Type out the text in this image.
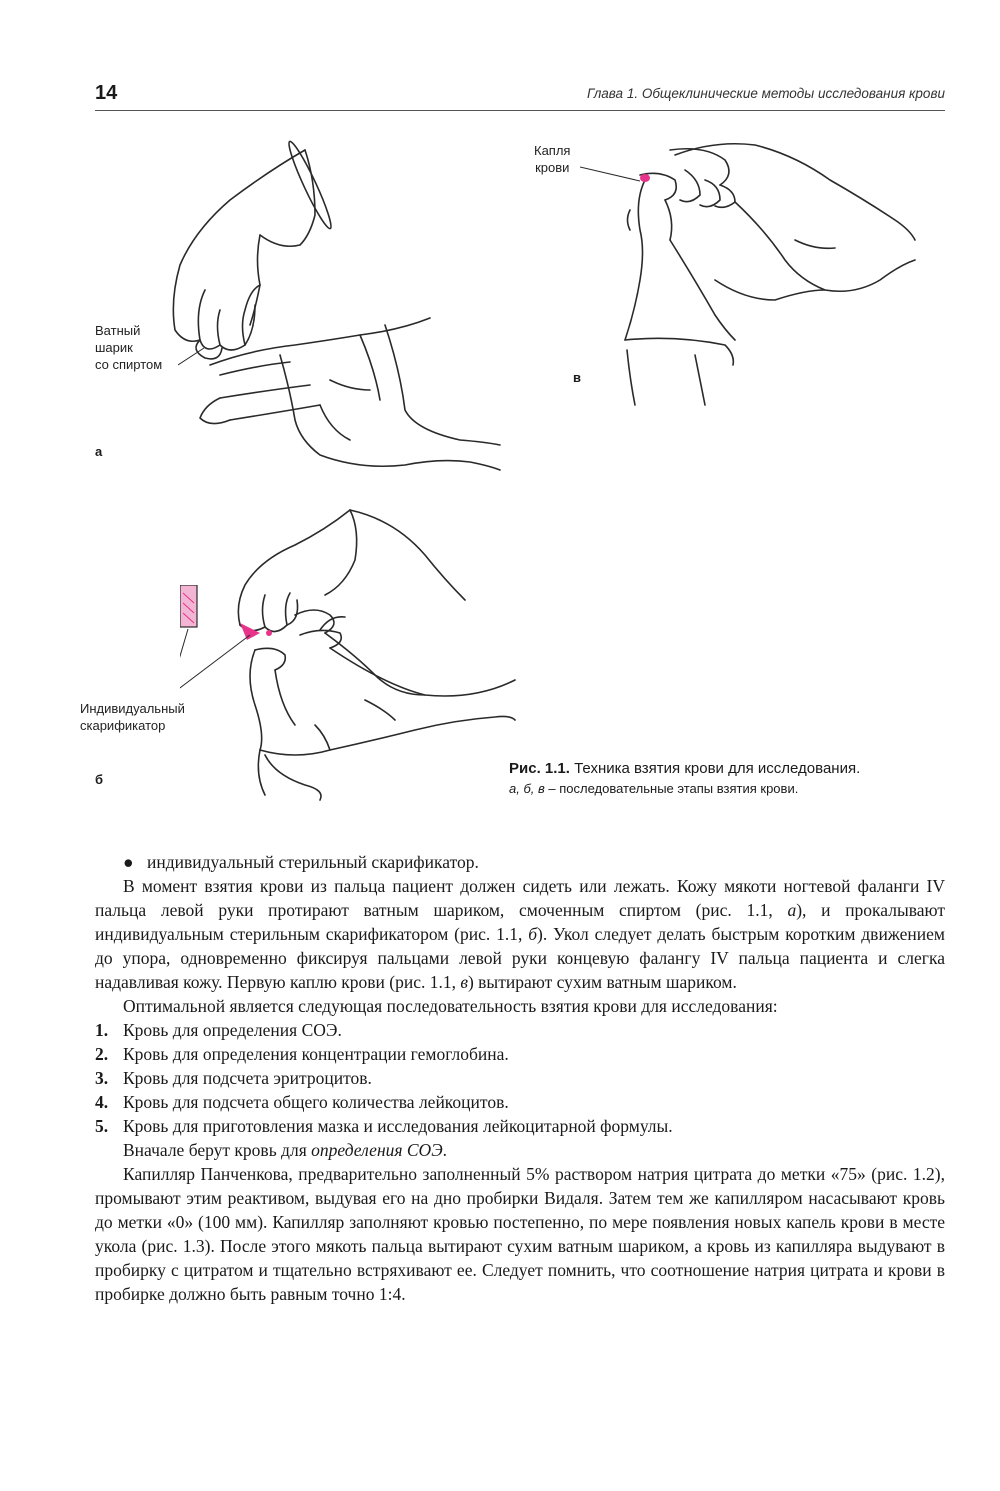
14	Глава 1. Общеклинические методы исследования крови
Ватный
шарик
со спиртом
а
Капля
крови
в
Индивидуальный
скарификатор
б
Рис. 1.1. Техника взятия крови для исследования.
а, б, в – последовательные этапы взятия крови.

● индивидуальный стерильный скарификатор.

В момент взятия крови из пальца пациент должен сидеть или лежать. Кожу мякоти ногтевой фаланги IV пальца левой руки протирают ватным шариком, смоченным спиртом (рис. 1.1, а), и прокалывают индивидуальным стерильным скарификатором (рис. 1.1, б). Укол следует делать быстрым коротким движением до упора, одновременно фиксируя пальцами левой руки концевую фалангу IV пальца пациента и слегка надавливая кожу. Первую каплю крови (рис. 1.1, в) вытирают сухим ватным шариком.

Оптимальной является следующая последовательность взятия крови для исследования:

1. Кровь для определения СОЭ.
2. Кровь для определения концентрации гемоглобина.
3. Кровь для подсчета эритроцитов.
4. Кровь для подсчета общего количества лейкоцитов.
5. Кровь для приготовления мазка и исследования лейкоцитарной формулы.

Вначале берут кровь для определения СОЭ.

Капилляр Панченкова, предварительно заполненный 5% раствором натрия цитрата до метки «75» (рис. 1.2), промывают этим реактивом, выдувая его на дно пробирки Видаля. Затем тем же капилляром насасывают кровь до метки «0» (100 мм). Капилляр заполняют кровью постепенно, по мере появления новых капель крови в месте укола (рис. 1.3). После этого мякоть пальца вытирают сухим ватным шариком, а кровь из капилляра выдувают в пробирку с цитратом и тщательно встряхивают ее. Следует помнить, что соотношение натрия цитрата и крови в пробирке должно быть равным точно 1:4.
